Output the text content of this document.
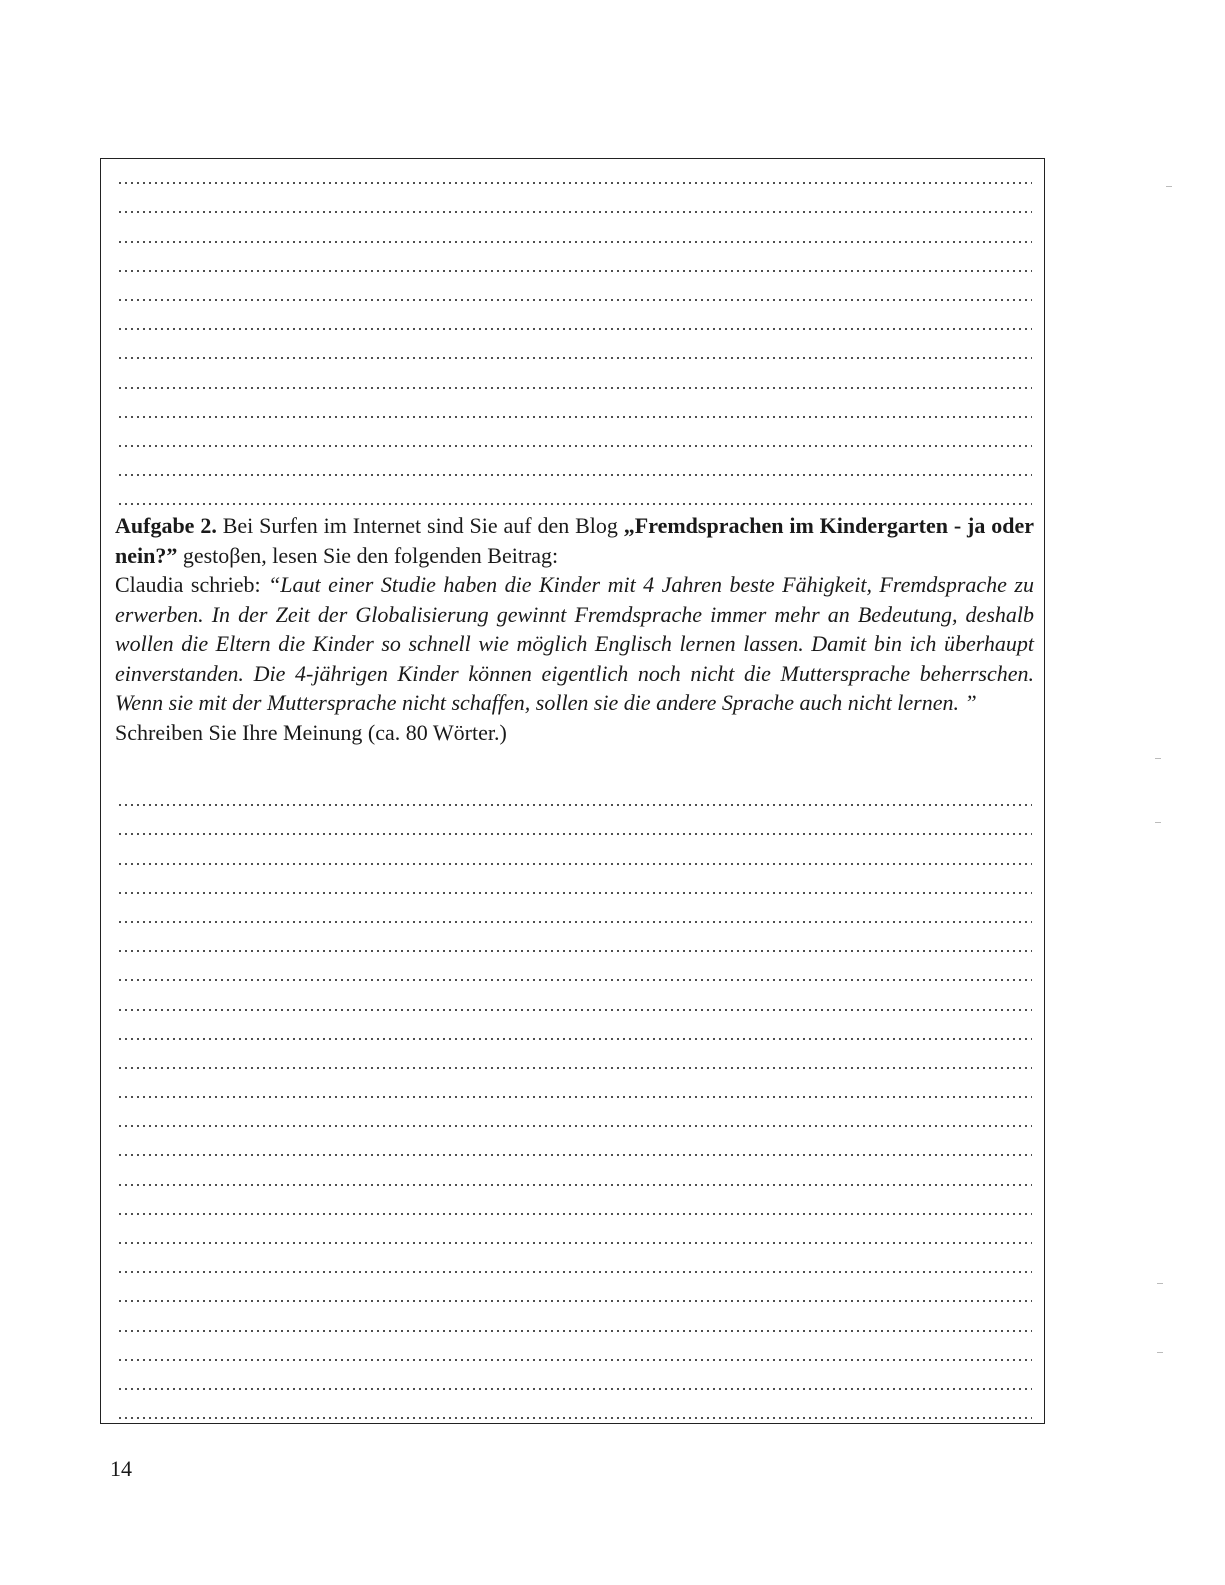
Aufgabe 2. Bei Surfen im Internet sind Sie auf den Blog „Fremdsprachen im Kindergarten - ja oder nein?” gestoβen, lesen Sie den folgenden Beitrag:

Claudia schrieb: “Laut einer Studie haben die Kinder mit 4 Jahren beste Fähigkeit, Fremdsprache zu erwerben. In der Zeit der Globalisierung gewinnt Fremdsprache immer mehr an Bedeutung, deshalb wollen die Eltern die Kinder so schnell wie möglich Englisch lernen lassen. Damit bin ich überhaupt einverstanden. Die 4-jährigen Kinder können eigentlich noch nicht die Muttersprache beherrschen. Wenn sie mit der Muttersprache nicht schaffen, sollen sie die andere Sprache auch nicht lernen. ”

Schreiben Sie Ihre Meinung (ca. 80 Wörter.)

14
